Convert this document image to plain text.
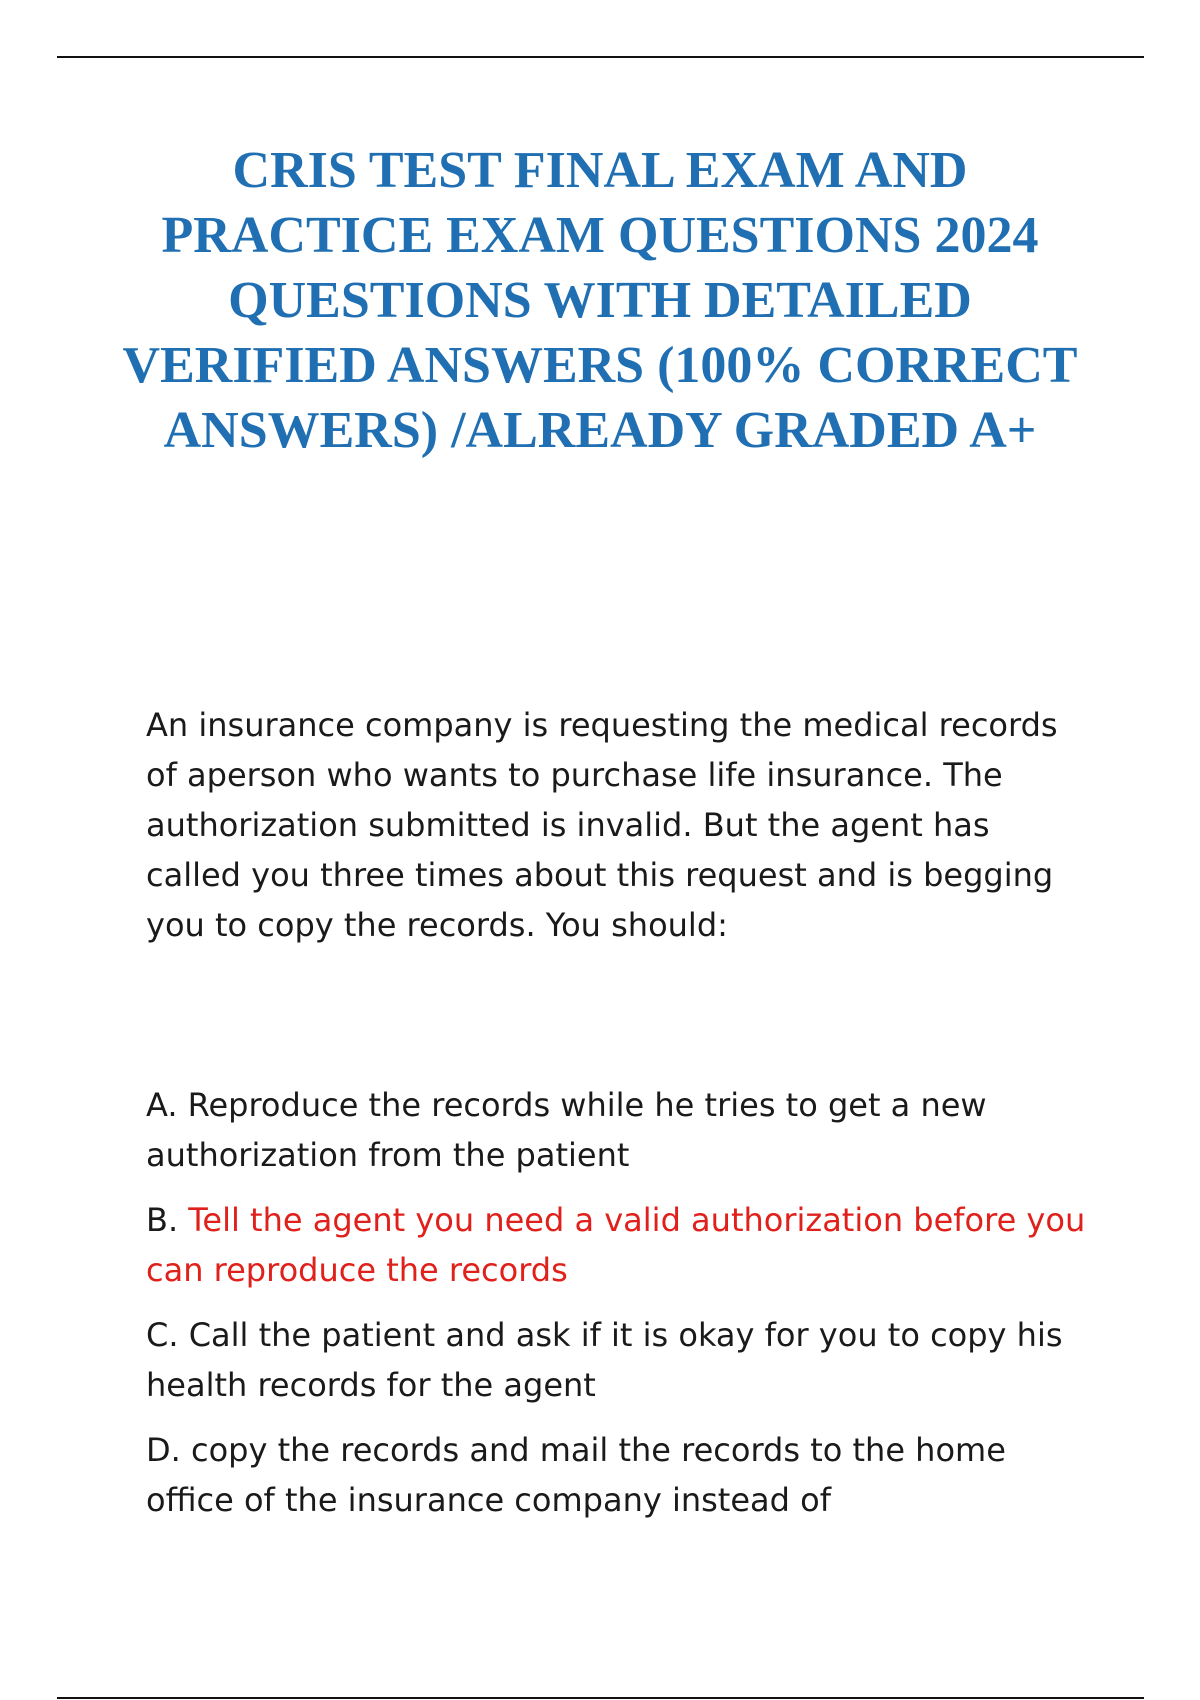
CRIS TEST FINAL EXAM AND PRACTICE EXAM QUESTIONS 2024 QUESTIONS WITH DETAILED VERIFIED ANSWERS (100% CORRECT ANSWERS) /ALREADY GRADED A+

An insurance company is requesting the medical records of aperson who wants to purchase life insurance. The authorization submitted is invalid. But the agent has called you three times about this request and is begging you to copy the records. You should:

A. Reproduce the records while he tries to get a new authorization from the patient
B. Tell the agent you need a valid authorization before you can reproduce the records
C. Call the patient and ask if it is okay for you to copy his health records for the agent
D. copy the records and mail the records to the home office of the insurance company instead of
